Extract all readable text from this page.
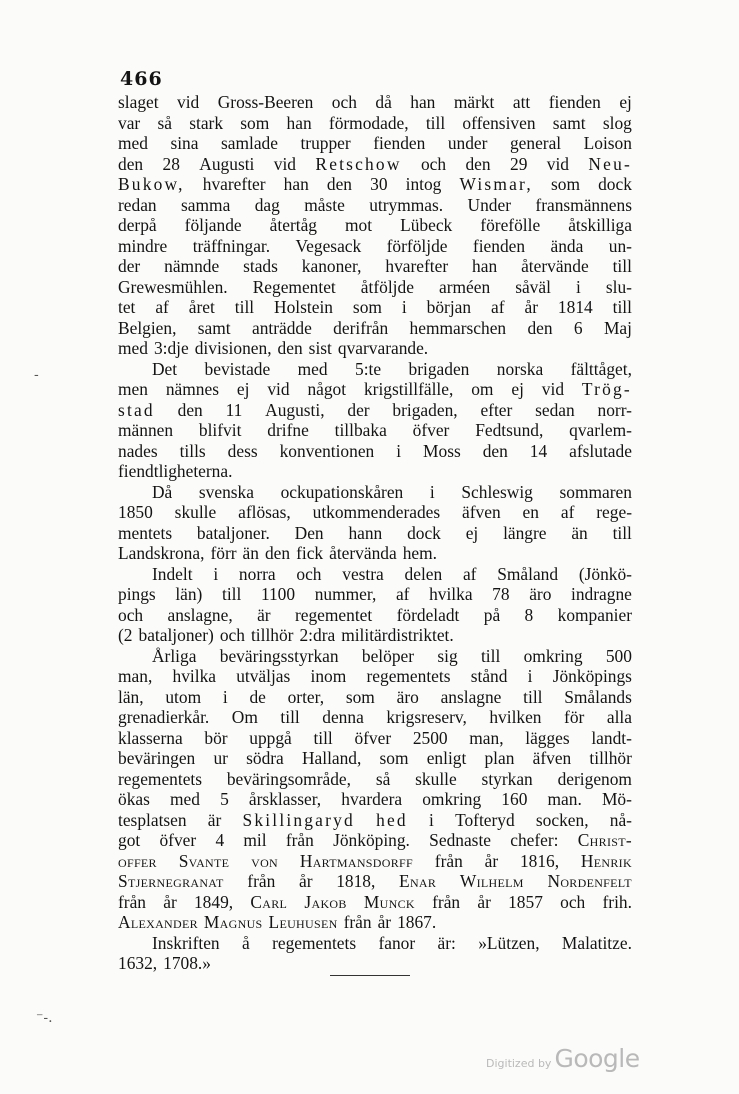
466
slaget vid Gross-Beeren och då han märkt att fienden ej
var så stark som han förmodade, till offensiven samt slog
med sina samlade trupper fienden under general Loison
den 28 Augusti vid Retschow och den 29 vid Neu-
Bukow, hvarefter han den 30 intog Wismar, som dock
redan samma dag måste utrymmas. Under fransmännens
derpå följande återtåg mot Lübeck förefölle åtskilliga
mindre träffningar. Vegesack förföljde fienden ända un-
der nämnde stads kanoner, hvarefter han återvände till
Grewesmühlen. Regementet åtföljde arméen såväl i slu-
tet af året till Holstein som i början af år 1814 till
Belgien, samt anträdde derifrån hemmarschen den 6 Maj
med 3:dje divisionen, den sist qvarvarande.
Det bevistade med 5:te brigaden norska fälttåget,
men nämnes ej vid något krigstillfälle, om ej vid Trög-
stad den 11 Augusti, der brigaden, efter sedan norr-
männen blifvit drifne tillbaka öfver Fedtsund, qvarlem-
nades tills dess konventionen i Moss den 14 afslutade
fiendtligheterna.
Då svenska ockupationskåren i Schleswig sommaren
1850 skulle aflösas, utkommenderades äfven en af rege-
mentets bataljoner. Den hann dock ej längre än till
Landskrona, förr än den fick återvända hem.
Indelt i norra och vestra delen af Småland (Jönkö-
pings län) till 1100 nummer, af hvilka 78 äro indragne
och anslagne, är regementet fördeladt på 8 kompanier
(2 bataljoner) och tillhör 2:dra militärdistriktet.
Årliga beväringsstyrkan belöper sig till omkring 500
man, hvilka utväljas inom regementets stånd i Jönköpings
län, utom i de orter, som äro anslagne till Smålands
grenadierkår. Om till denna krigsreserv, hvilken för alla
klasserna bör uppgå till öfver 2500 man, lägges landt-
beväringen ur södra Halland, som enligt plan äfven tillhör
regementets beväringsområde, så skulle styrkan derigenom
ökas med 5 årsklasser, hvardera omkring 160 man. Mö-
tesplatsen är Skillingaryd hed i Tofteryd socken, nå-
got öfver 4 mil från Jönköping. Sednaste chefer: Christ-
offer Svante von Hartmansdorff från år 1816, Henrik
Stjernegranat från år 1818, Enar Wilhelm Nordenfelt
från år 1849, Carl Jakob Munck från år 1857 och frih.
Alexander Magnus Leuhusen från år 1867.
Inskriften å regementets fanor är: »Lützen, Malatitze.
1632, 1708.»
-
⁻‐.
Digitized by Google
